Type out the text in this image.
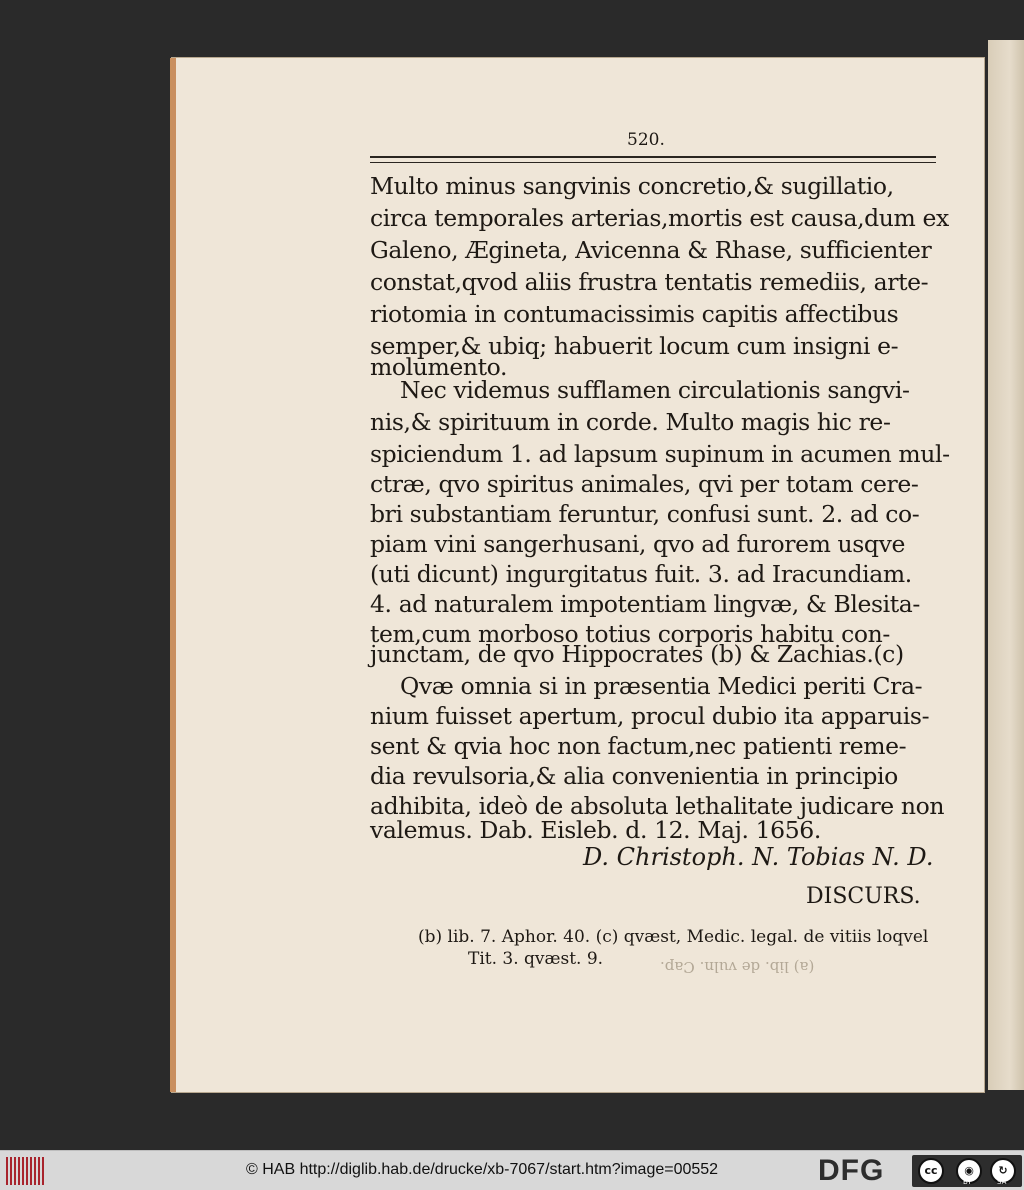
520.
Multo minus sangvinis concretio,& sugillatio,
circa temporales arterias,mortis est causa,dum ex
Galeno, Ægineta, Avicenna & Rhase, sufficienter
constat,qvod aliis frustra tentatis remediis, arte-
riotomia in contumacissimis capitis affectibus
semper,& ubiq; habuerit locum cum insigni e-
molumento.
Nec videmus sufflamen circulationis sangvi-
nis,& spirituum in corde. Multo magis hic re-
spiciendum 1. ad lapsum supinum in acumen mul-
ctræ, qvo spiritus animales, qvi per totam cere-
bri substantiam feruntur, confusi sunt. 2. ad co-
piam vini sangerhusani, qvo ad furorem usqve
(uti dicunt) ingurgitatus fuit. 3. ad Iracundiam.
4. ad naturalem impotentiam lingvæ, & Blesita-
tem,cum morboso totius corporis habitu con-
junctam, de qvo Hippocrates (b) & Zachias.(c)
Qvæ omnia si in præsentia Medici periti Cra-
nium fuisset apertum, procul dubio ita apparuis-
sent & qvia hoc non factum,nec patienti reme-
dia revulsoria,& alia convenientia in principio
adhibita, ideò de absoluta lethalitate judicare non
valemus. Dab. Eisleb. d. 12. Maj. 1656.
D. Christoph. N. Tobias N. D.
DISCURS.
(b) lib. 7. Aphor. 40. (c) qvæst, Medic. legal. de vitiis loqvel
Tit. 3. qvæst. 9.	(a) lib. de vuln. Cap.
© HAB http://diglib.hab.de/drucke/xb-7067/start.htm?image=00552	DFG	cc	◉	↻
BY	SA
